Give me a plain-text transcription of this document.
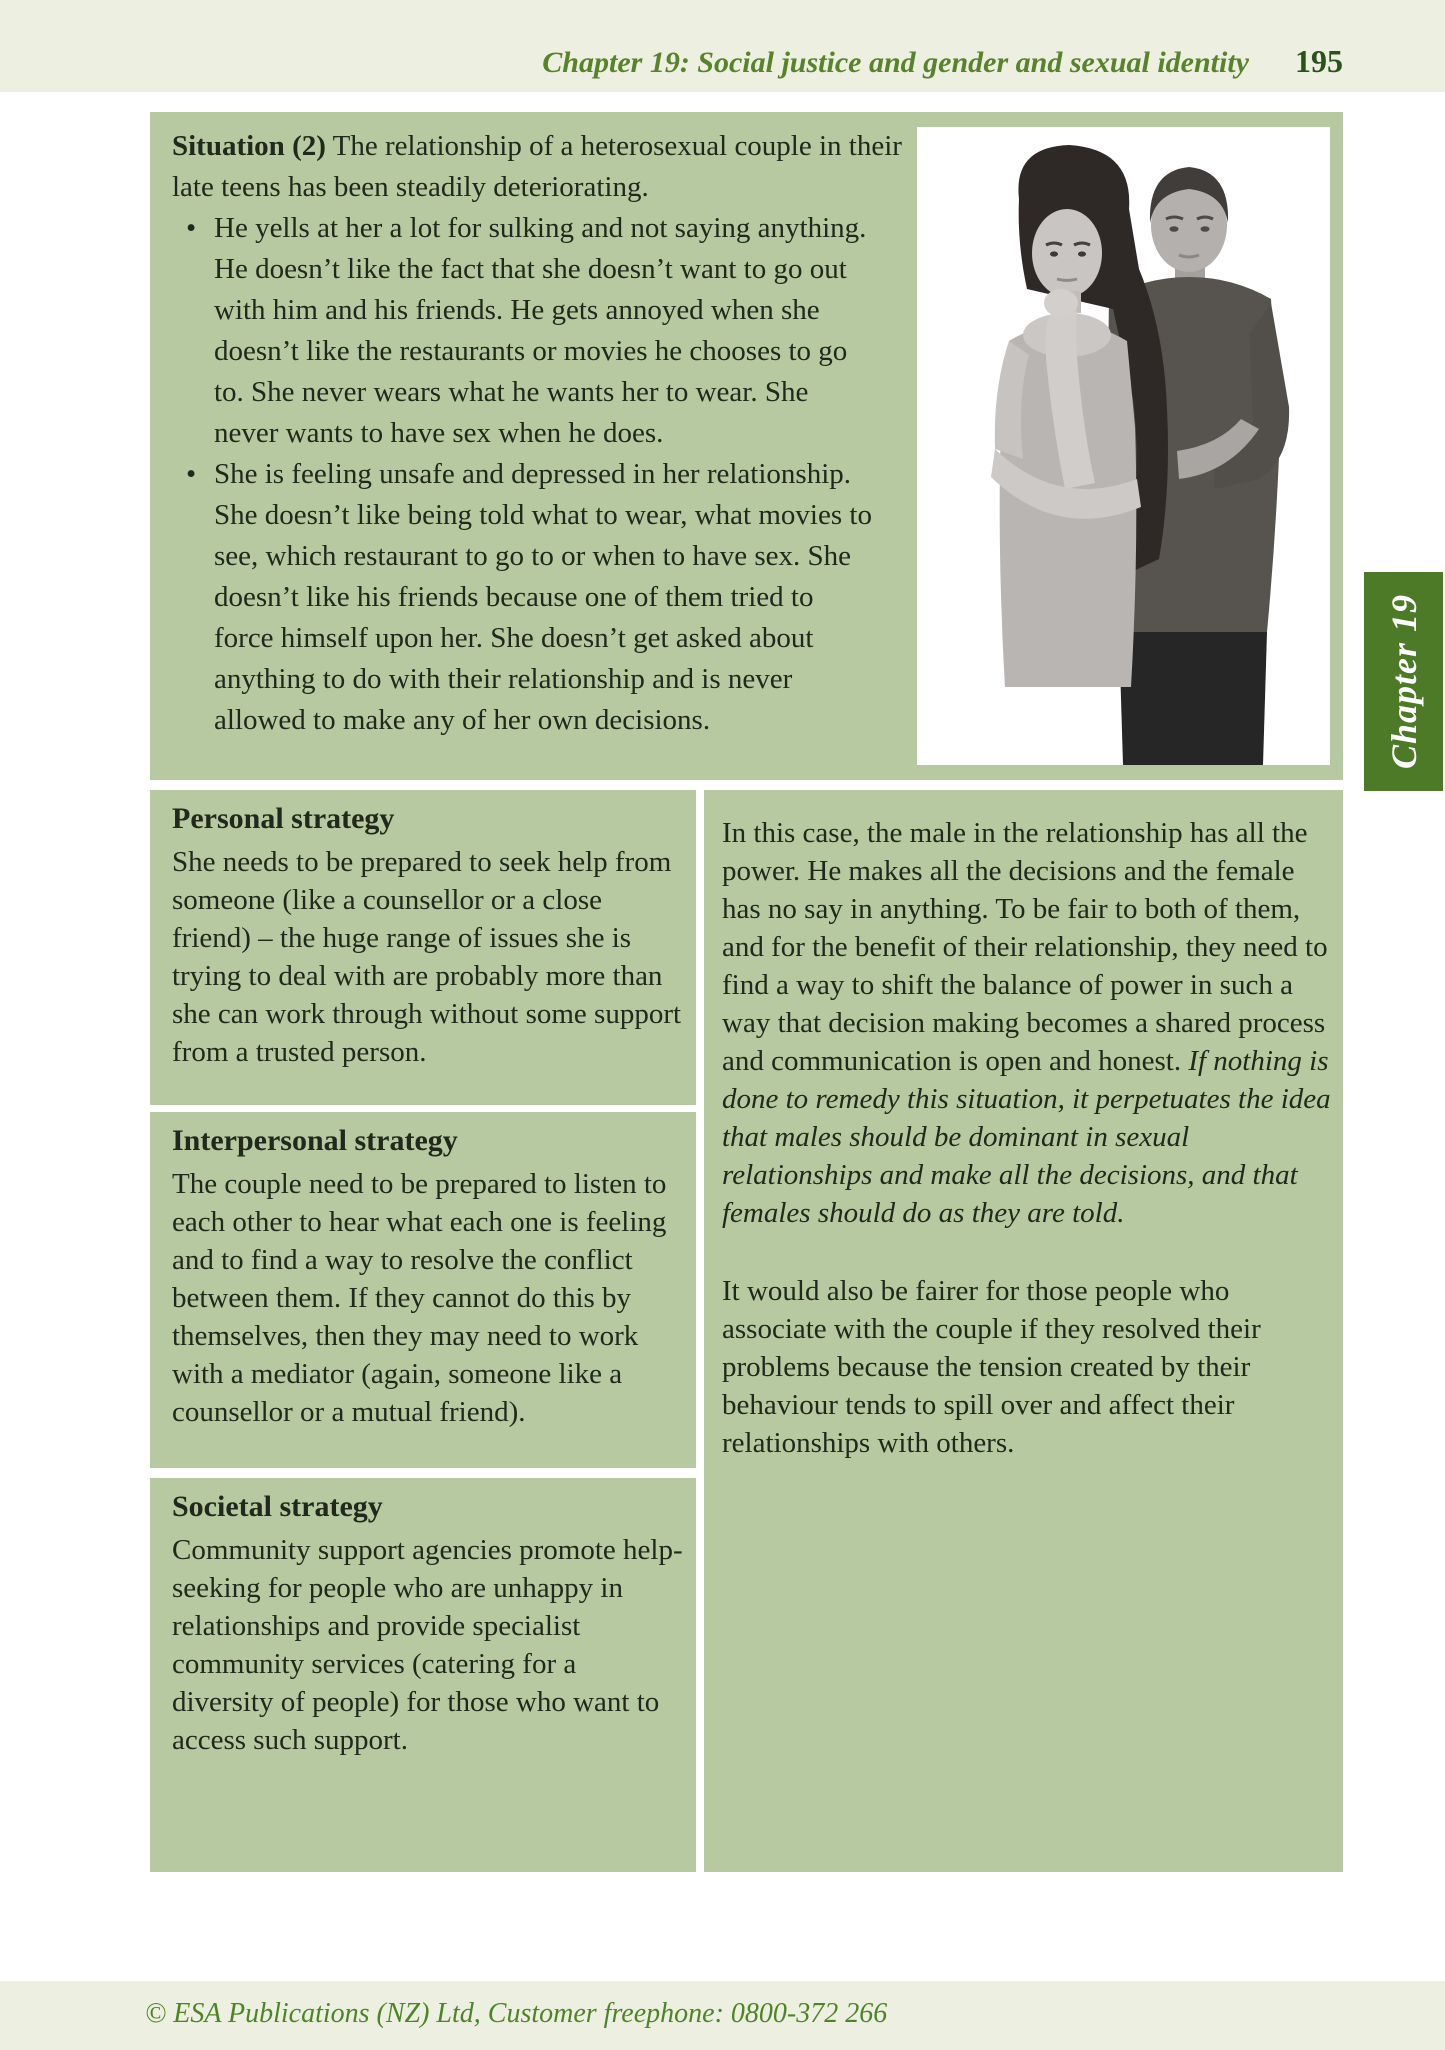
Chapter 19: Social justice and gender and sexual identity 195
Situation (2) The relationship of a heterosexual couple in their late teens has been steadily deteriorating.
• He yells at her a lot for sulking and not saying anything. He doesn’t like the fact that she doesn’t want to go out with him and his friends. He gets annoyed when she doesn’t like the restaurants or movies he chooses to go to. She never wears what he wants her to wear. She never wants to have sex when he does.
• She is feeling unsafe and depressed in her relationship. She doesn’t like being told what to wear, what movies to see, which restaurant to go to or when to have sex. She doesn’t like his friends because one of them tried to force himself upon her. She doesn’t get asked about anything to do with their relationship and is never allowed to make any of her own decisions.
Personal strategy

She needs to be prepared to seek help from someone (like a counsellor or a close friend) – the huge range of issues she is trying to deal with are probably more than she can work through without some support from a trusted person.

Interpersonal strategy

The couple need to be prepared to listen to each other to hear what each one is feeling and to find a way to resolve the conflict between them. If they cannot do this by themselves, then they may need to work with a mediator (again, someone like a counsellor or a mutual friend).

Societal strategy

Community support agencies promote help-seeking for people who are unhappy in relationships and provide specialist community services (catering for a diversity of people) for those who want to access such support.

In this case, the male in the relationship has all the power. He makes all the decisions and the female has no say in anything. To be fair to both of them, and for the benefit of their relationship, they need to find a way to shift the balance of power in such a way that decision making becomes a shared process and communication is open and honest. If nothing is done to remedy this situation, it perpetuates the idea that males should be dominant in sexual relationships and make all the decisions, and that females should do as they are told.

It would also be fairer for those people who associate with the couple if they resolved their problems because the tension created by their behaviour tends to spill over and affect their relationships with others.

Chapter 19
© ESA Publications (NZ) Ltd, Customer freephone: 0800-372 266
